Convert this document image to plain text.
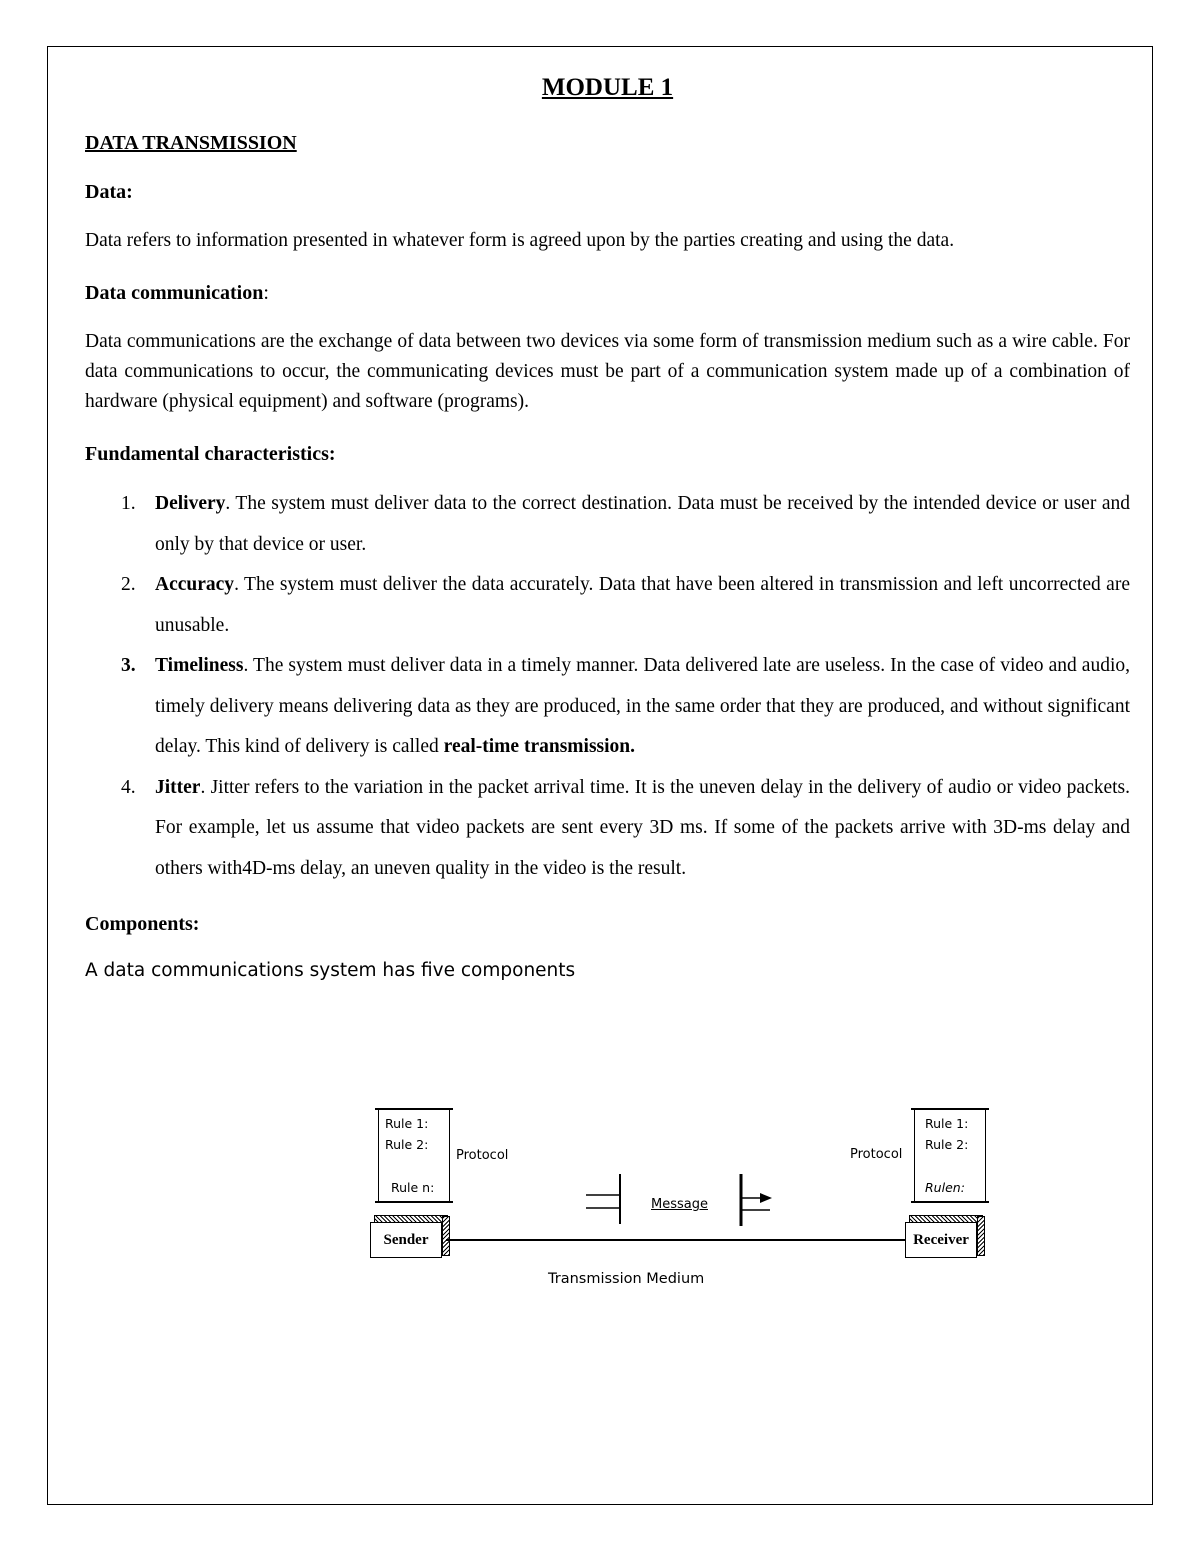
MODULE 1
DATA TRANSMISSION
Data:
Data refers to information presented in whatever form is agreed upon by the parties creating and using the data.
Data communication:
Data communications are the exchange of data between two devices via some form of transmission medium such as a wire cable. For data communications to occur, the communicating devices must be part of a communication system made up of a combination of hardware (physical equipment) and software (programs).
Fundamental characteristics:
1. Delivery. The system must deliver data to the correct destination. Data must be received by the intended device or user and only by that device or user.
2. Accuracy. The system must deliver the data accurately. Data that have been altered in transmission and left uncorrected are unusable.
3. Timeliness. The system must deliver data in a timely manner. Data delivered late are useless. In the case of video and audio, timely delivery means delivering data as they are produced, in the same order that they are produced, and without significant delay. This kind of delivery is called real-time transmission.
4. Jitter. Jitter refers to the variation in the packet arrival time. It is the uneven delay in the delivery of audio or video packets. For example, let us assume that video packets are sent every 3D ms. If some of the packets arrive with 3D-ms delay and others with4D-ms delay, an uneven quality in the video is the result.
Components:
A data communications system has five components
Rule 1:
Rule 2:
Rule n:
Protocol
Rule 1:
Rule 2:
Rulen:
Protocol
Message
Sender	Receiver
Transmission Medium
